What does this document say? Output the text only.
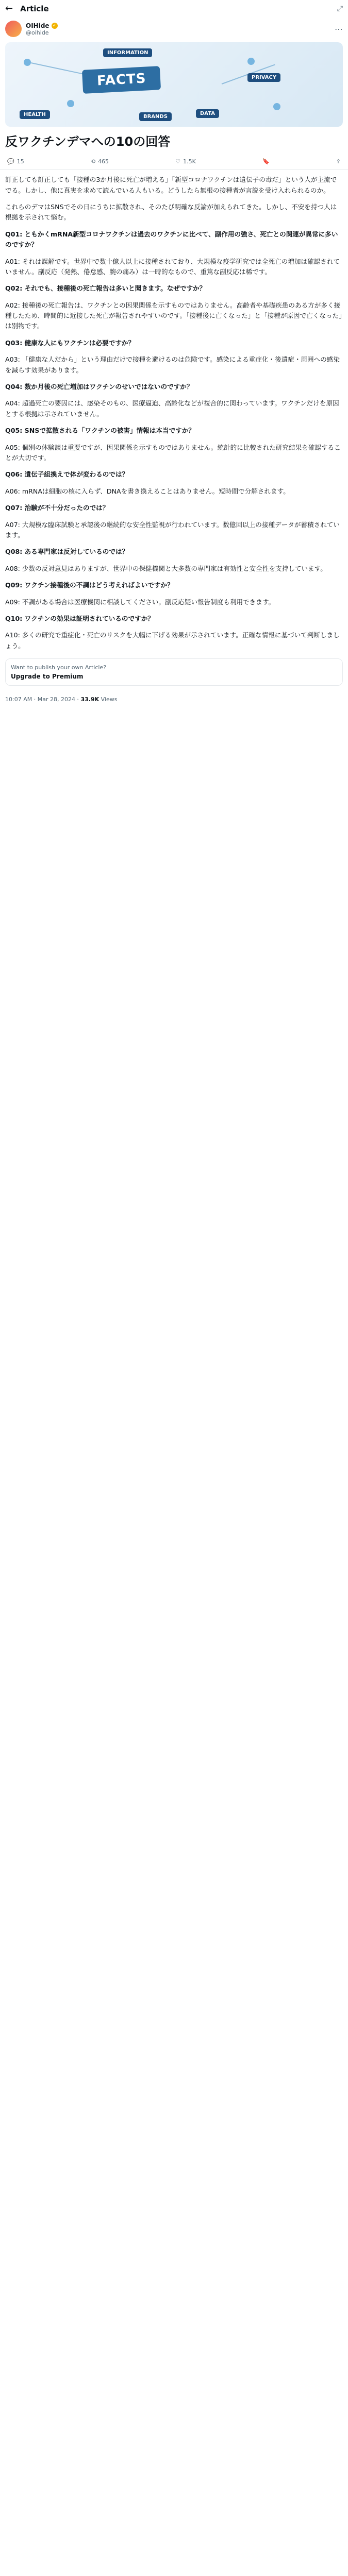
← Article	⤢
OIHide ✓
@oihide	⋯
FACTS
HEALTH
INFORMATION
DATA
PRIVACY
BRANDS
反ワクチンデマへの10の回答
💬 15	⟲ 465	♡ 1.5K	🔖	⇪

訂正しても訂正しても「接種の3か月後に死亡が増える」「新型コロナワクチンは遺伝子の毒だ」という人が主流ででる。しかし、他に真実を求めて読んでいる人もいる。どうしたら無根の接種者が言説を受け入れられるのか。

これらのデマはSNSでその日にうちに拡散され、そのたび明確な反論が加えられてきた。しかし、不安を持つ人は根拠を示されて悩む。

Q01: ともかくmRNA新型コロナワクチンは過去のワクチンに比べて、副作用の強さ、死亡との関連が異常に多いのですか？

A01: それは誤解です。世界中で数十億人以上に接種されており、大規模な疫学研究では全死亡の増加は確認されていません。副反応（発熱、倦怠感、腕の痛み）は一時的なもので、重篤な副反応は稀です。

Q02: それでも、接種後の死亡報告は多いと聞きます。なぜですか？

A02: 接種後の死亡報告は、ワクチンとの因果関係を示すものではありません。高齢者や基礎疾患のある方が多く接種したため、時間的に近接した死亡が報告されやすいのです。「接種後に亡くなった」と「接種が原因で亡くなった」は別物です。

Q03: 健康な人にもワクチンは必要ですか？

A03: 「健康な人だから」という理由だけで接種を避けるのは危険です。感染による重症化・後遺症・周囲への感染を減らす効果があります。

Q04: 数か月後の死亡増加はワクチンのせいではないのですか？

A04: 超過死亡の要因には、感染そのもの、医療逼迫、高齢化などが複合的に関わっています。ワクチンだけを原因とする根拠は示されていません。

Q05: SNSで拡散される「ワクチンの被害」情報は本当ですか？

A05: 個別の体験談は重要ですが、因果関係を示すものではありません。統計的に比較された研究結果を確認することが大切です。

Q06: 遺伝子組換えで体が変わるのでは？

A06: mRNAは細胞の核に入らず、DNAを書き換えることはありません。短時間で分解されます。

Q07: 治験が不十分だったのでは？

A07: 大規模な臨床試験と承認後の継続的な安全性監視が行われています。数億回以上の接種データが蓄積されています。

Q08: ある専門家は反対しているのでは？

A08: 少数の反対意見はありますが、世界中の保健機関と大多数の専門家は有効性と安全性を支持しています。

Q09: ワクチン接種後の不調はどう考えればよいですか？

A09: 不調がある場合は医療機関に相談してください。副反応疑い報告制度も利用できます。

Q10: ワクチンの効果は証明されているのですか？

A10: 多くの研究で重症化・死亡のリスクを大幅に下げる効果が示されています。正確な情報に基づいて判断しましょう。

Want to publish your own Article?
Upgrade to Premium
10:07 AM · Mar 28, 2024 · 33.9K Views
